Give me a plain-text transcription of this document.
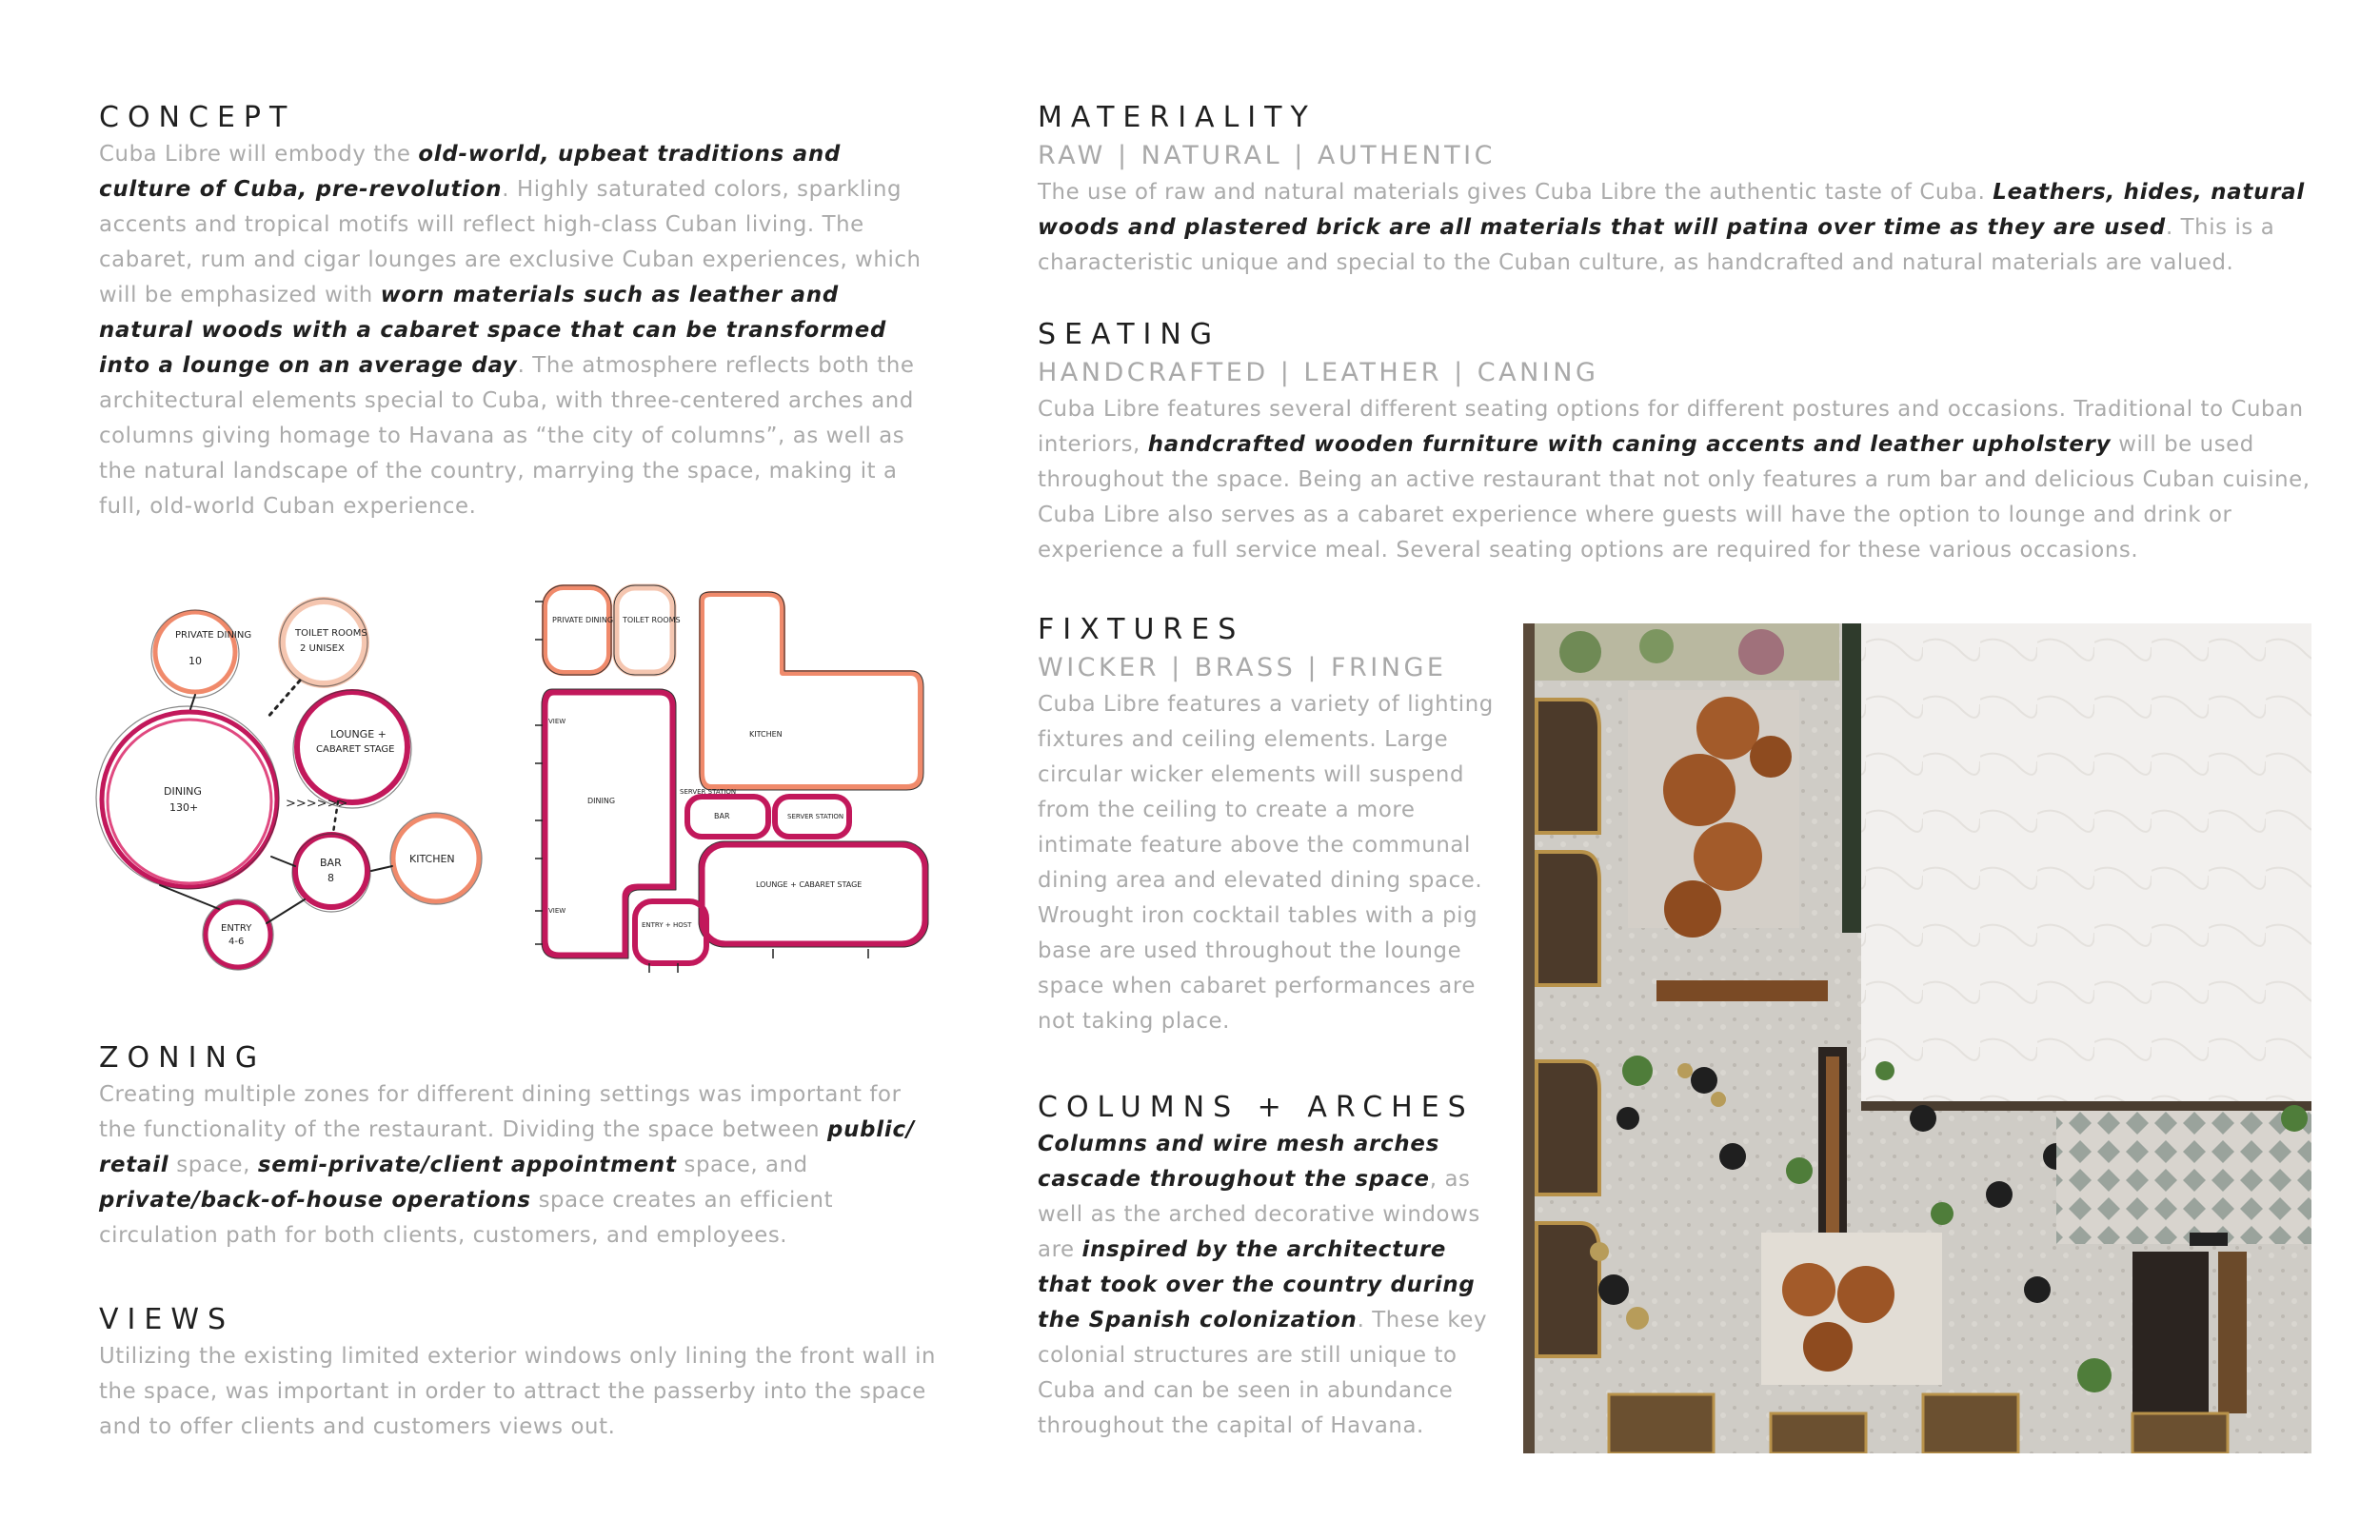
CONCEPT

Cuba Libre will embody the old-world, upbeat traditions and culture of Cuba, pre-revolution. Highly saturated colors, sparkling accents and tropical motifs will reflect high-class Cuban living. The cabaret, rum and cigar lounges are exclusive Cuban experiences, which will be emphasized with worn materials such as leather and natural woods with a cabaret space that can be transformed into a lounge on an average day. The atmosphere reflects both the architectural elements special to Cuba, with three-centered arches and columns giving homage to Havana as “the city of columns”, as well as the natural landscape of the country, marrying the space, making it a full, old-world Cuban experience.

PRIVATE DINING
10
TOILET ROOMS
2 UNISEX
LOUNGE +
CABARET STAGE
DINING
130+
KITCHEN
BAR
8
ENTRY
4-6
>>>>>>
PRIVATE DINING TOILET ROOMS
KITCHEN
DINING
SERVER STATION
BAR	SERVER STATION
LOUNGE + CABARET STAGE
ENTRY + HOST
VIEW
VIEW
ZONING

Creating multiple zones for different dining settings was important for the functionality of the restaurant. Dividing the space between public/ retail space, semi-private/client appointment space, and private/back-of-house operations space creates an efficient circulation path for both clients, customers, and employees.

VIEWS

Utilizing the existing limited exterior windows only lining the front wall in the space, was important in order to attract the passerby into the space and to offer clients and customers views out.

MATERIALITY

RAW | NATURAL | AUTHENTIC

The use of raw and natural materials gives Cuba Libre the authentic taste of Cuba. Leathers, hides, natural woods and plastered brick are all materials that will patina over time as they are used. This is a characteristic unique and special to the Cuban culture, as handcrafted and natural materials are valued.

SEATING

HANDCRAFTED | LEATHER | CANING

Cuba Libre features several different seating options for different postures and occasions. Traditional to Cuban interiors, handcrafted wooden furniture with caning accents and leather upholstery will be used throughout the space. Being an active restaurant that not only features a rum bar and delicious Cuban cuisine, Cuba Libre also serves as a cabaret experience where guests will have the option to lounge and drink or experience a full service meal. Several seating options are required for these various occasions.

FIXTURES

WICKER | BRASS | FRINGE

Cuba Libre features a variety of lighting fixtures and ceiling elements. Large circular wicker elements will suspend from the ceiling to create a more intimate feature above the communal dining area and elevated dining space. Wrought iron cocktail tables with a pig base are used throughout the lounge space when cabaret performances are not taking place.

COLUMNS + ARCHES

Columns and wire mesh arches cascade throughout the space, as well as the arched decorative windows are inspired by the architecture that took over the country during the Spanish colonization. These key colonial structures are still unique to Cuba and can be seen in abundance throughout the capital of Havana.
